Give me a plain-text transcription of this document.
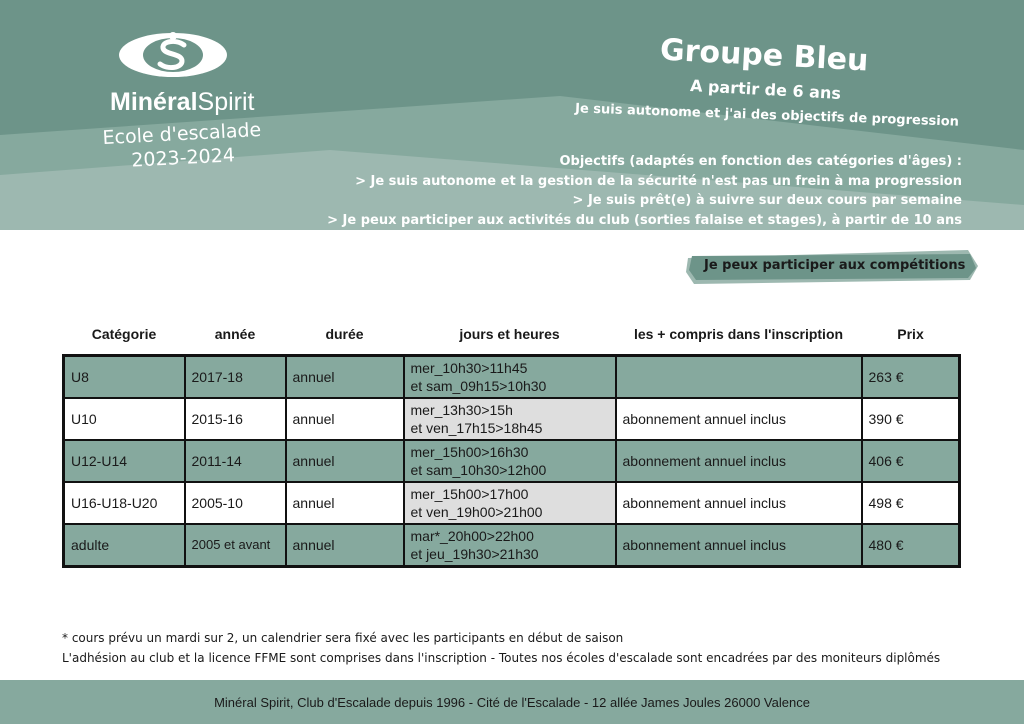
MinéralSpirit
Ecole d'escalade
2023-2024
Groupe Bleu
A partir de 6 ans
Je suis autonome et j'ai des objectifs de progression
Objectifs (adaptés en fonction des catégories d'âges) :
> Je suis autonome et la gestion de la sécurité n'est pas un frein à ma progression
> Je suis prêt(e) à suivre sur deux cours par semaine
> Je peux participer aux activités du club (sorties falaise et stages), à partir de 10 ans
Je peux participer aux compétitions
Catégorie	année	durée	jours et heures	les + compris dans l'inscription	Prix
U8	2017-18	annuel	mer_10h30>11h45
et sam_09h15>10h30		263 €
U10	2015-16	annuel	mer_13h30>15h
et ven_17h15>18h45	abonnement annuel inclus	390 €
U12-U14	2011-14	annuel	mer_15h00>16h30
et sam_10h30>12h00	abonnement annuel inclus	406 €
U16-U18-U20	2005-10	annuel	mer_15h00>17h00
et ven_19h00>21h00	abonnement annuel inclus	498 €
adulte	2005 et avant	annuel	mar*_20h00>22h00
et jeu_19h30>21h30	abonnement annuel inclus	480 €
* cours prévu un mardi sur 2, un calendrier sera fixé avec les participants en début de saison
L'adhésion au club et la licence FFME sont comprises dans l'inscription - Toutes nos écoles d'escalade sont encadrées par des moniteurs diplômés
Minéral Spirit, Club d'Escalade depuis 1996 - Cité de l'Escalade - 12 allée James Joules 26000 Valence
